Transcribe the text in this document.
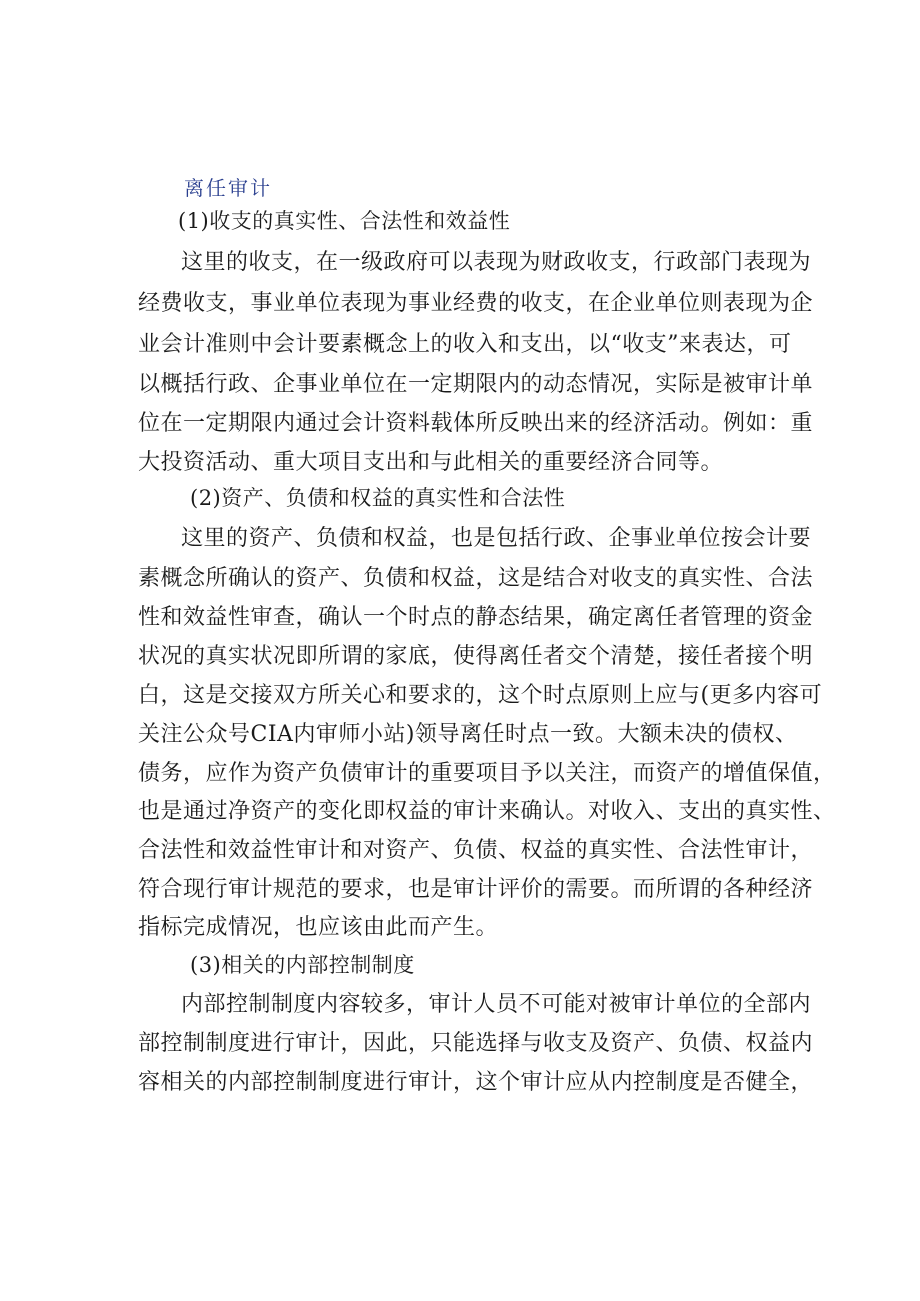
离任审计
(1)收支的真实性、合法性和效益性
这里的收支，在一级政府可以表现为财政收支，行政部门表现为
经费收支，事业单位表现为事业经费的收支，在企业单位则表现为企
业会计准则中会计要素概念上的收入和支出，以“收支”来表达，可
以概括行政、企事业单位在一定期限内的动态情况，实际是被审计单
位在一定期限内通过会计资料载体所反映出来的经济活动。例如：重
大投资活动、重大项目支出和与此相关的重要经济合同等。
(2)资产、负债和权益的真实性和合法性
这里的资产、负债和权益，也是包括行政、企事业单位按会计要
素概念所确认的资产、负债和权益，这是结合对收支的真实性、合法
性和效益性审查，确认一个时点的静态结果，确定离任者管理的资金
状况的真实状况即所谓的家底，使得离任者交个清楚，接任者接个明
白，这是交接双方所关心和要求的，这个时点原则上应与(更多内容可
关注公众号CIA内审师小站)领导离任时点一致。大额未决的债权、
债务，应作为资产负债审计的重要项目予以关注，而资产的增值保值，
也是通过净资产的变化即权益的审计来确认。对收入、支出的真实性、
合法性和效益性审计和对资产、负债、权益的真实性、合法性审计，
符合现行审计规范的要求，也是审计评价的需要。而所谓的各种经济
指标完成情况，也应该由此而产生。
(3)相关的内部控制制度
内部控制制度内容较多，审计人员不可能对被审计单位的全部内
部控制制度进行审计，因此，只能选择与收支及资产、负债、权益内
容相关的内部控制制度进行审计，这个审计应从内控制度是否健全，
